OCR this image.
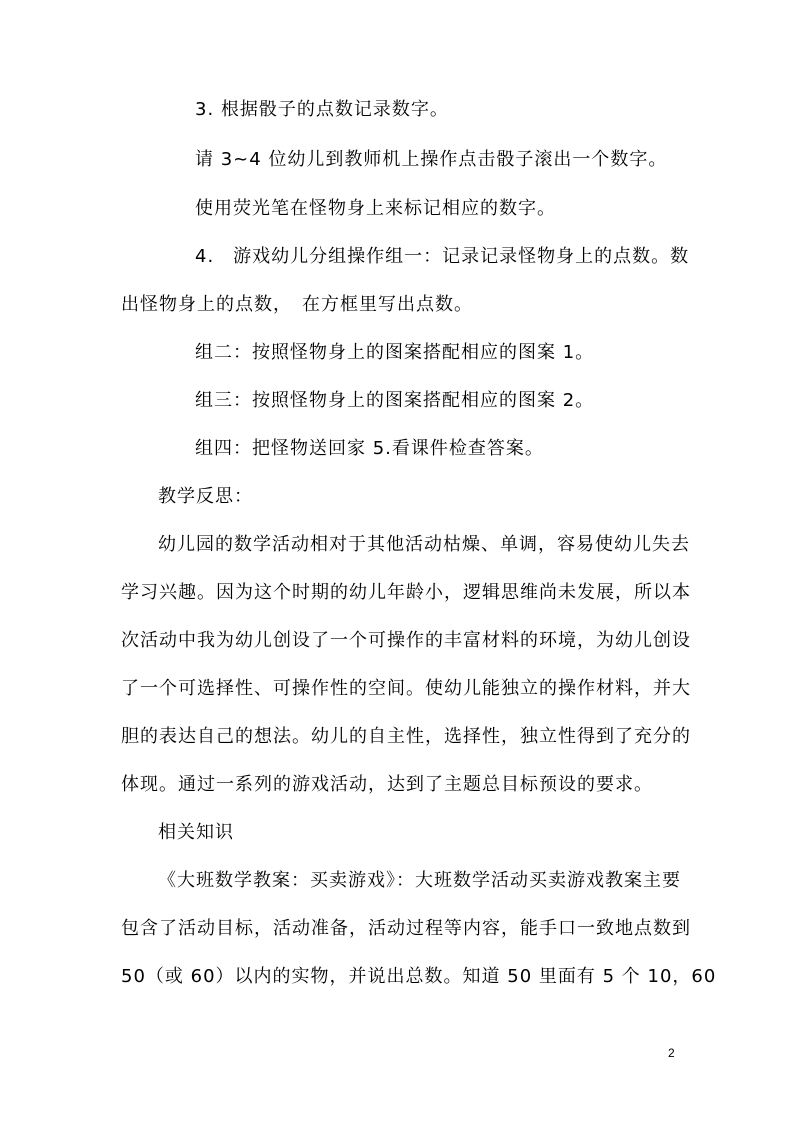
3. 根据骰子的点数记录数字。
请 3~4 位幼儿到教师机上操作点击骰子滚出一个数字。
使用荧光笔在怪物身上来标记相应的数字。
4.　游戏幼儿分组操作组一：记录记录怪物身上的点数。数
出怪物身上的点数，　在方框里写出点数。
组二：按照怪物身上的图案搭配相应的图案 1。
组三：按照怪物身上的图案搭配相应的图案 2。
组四：把怪物送回家 5.看课件检查答案。
教学反思：
幼儿园的数学活动相对于其他活动枯燥、单调，容易使幼儿失去
学习兴趣。因为这个时期的幼儿年龄小，逻辑思维尚未发展，所以本
次活动中我为幼儿创设了一个可操作的丰富材料的环境，为幼儿创设
了一个可选择性、可操作性的空间。使幼儿能独立的操作材料，并大
胆的表达自己的想法。幼儿的自主性，选择性，独立性得到了充分的
体现。通过一系列的游戏活动，达到了主题总目标预设的要求。
相关知识
《大班数学教案：买卖游戏》：大班数学活动买卖游戏教案主要
包含了活动目标，活动准备，活动过程等内容，能手口一致地点数到
50（或 60）以内的实物，并说出总数。知道 50 里面有 5 个 10，60
2
